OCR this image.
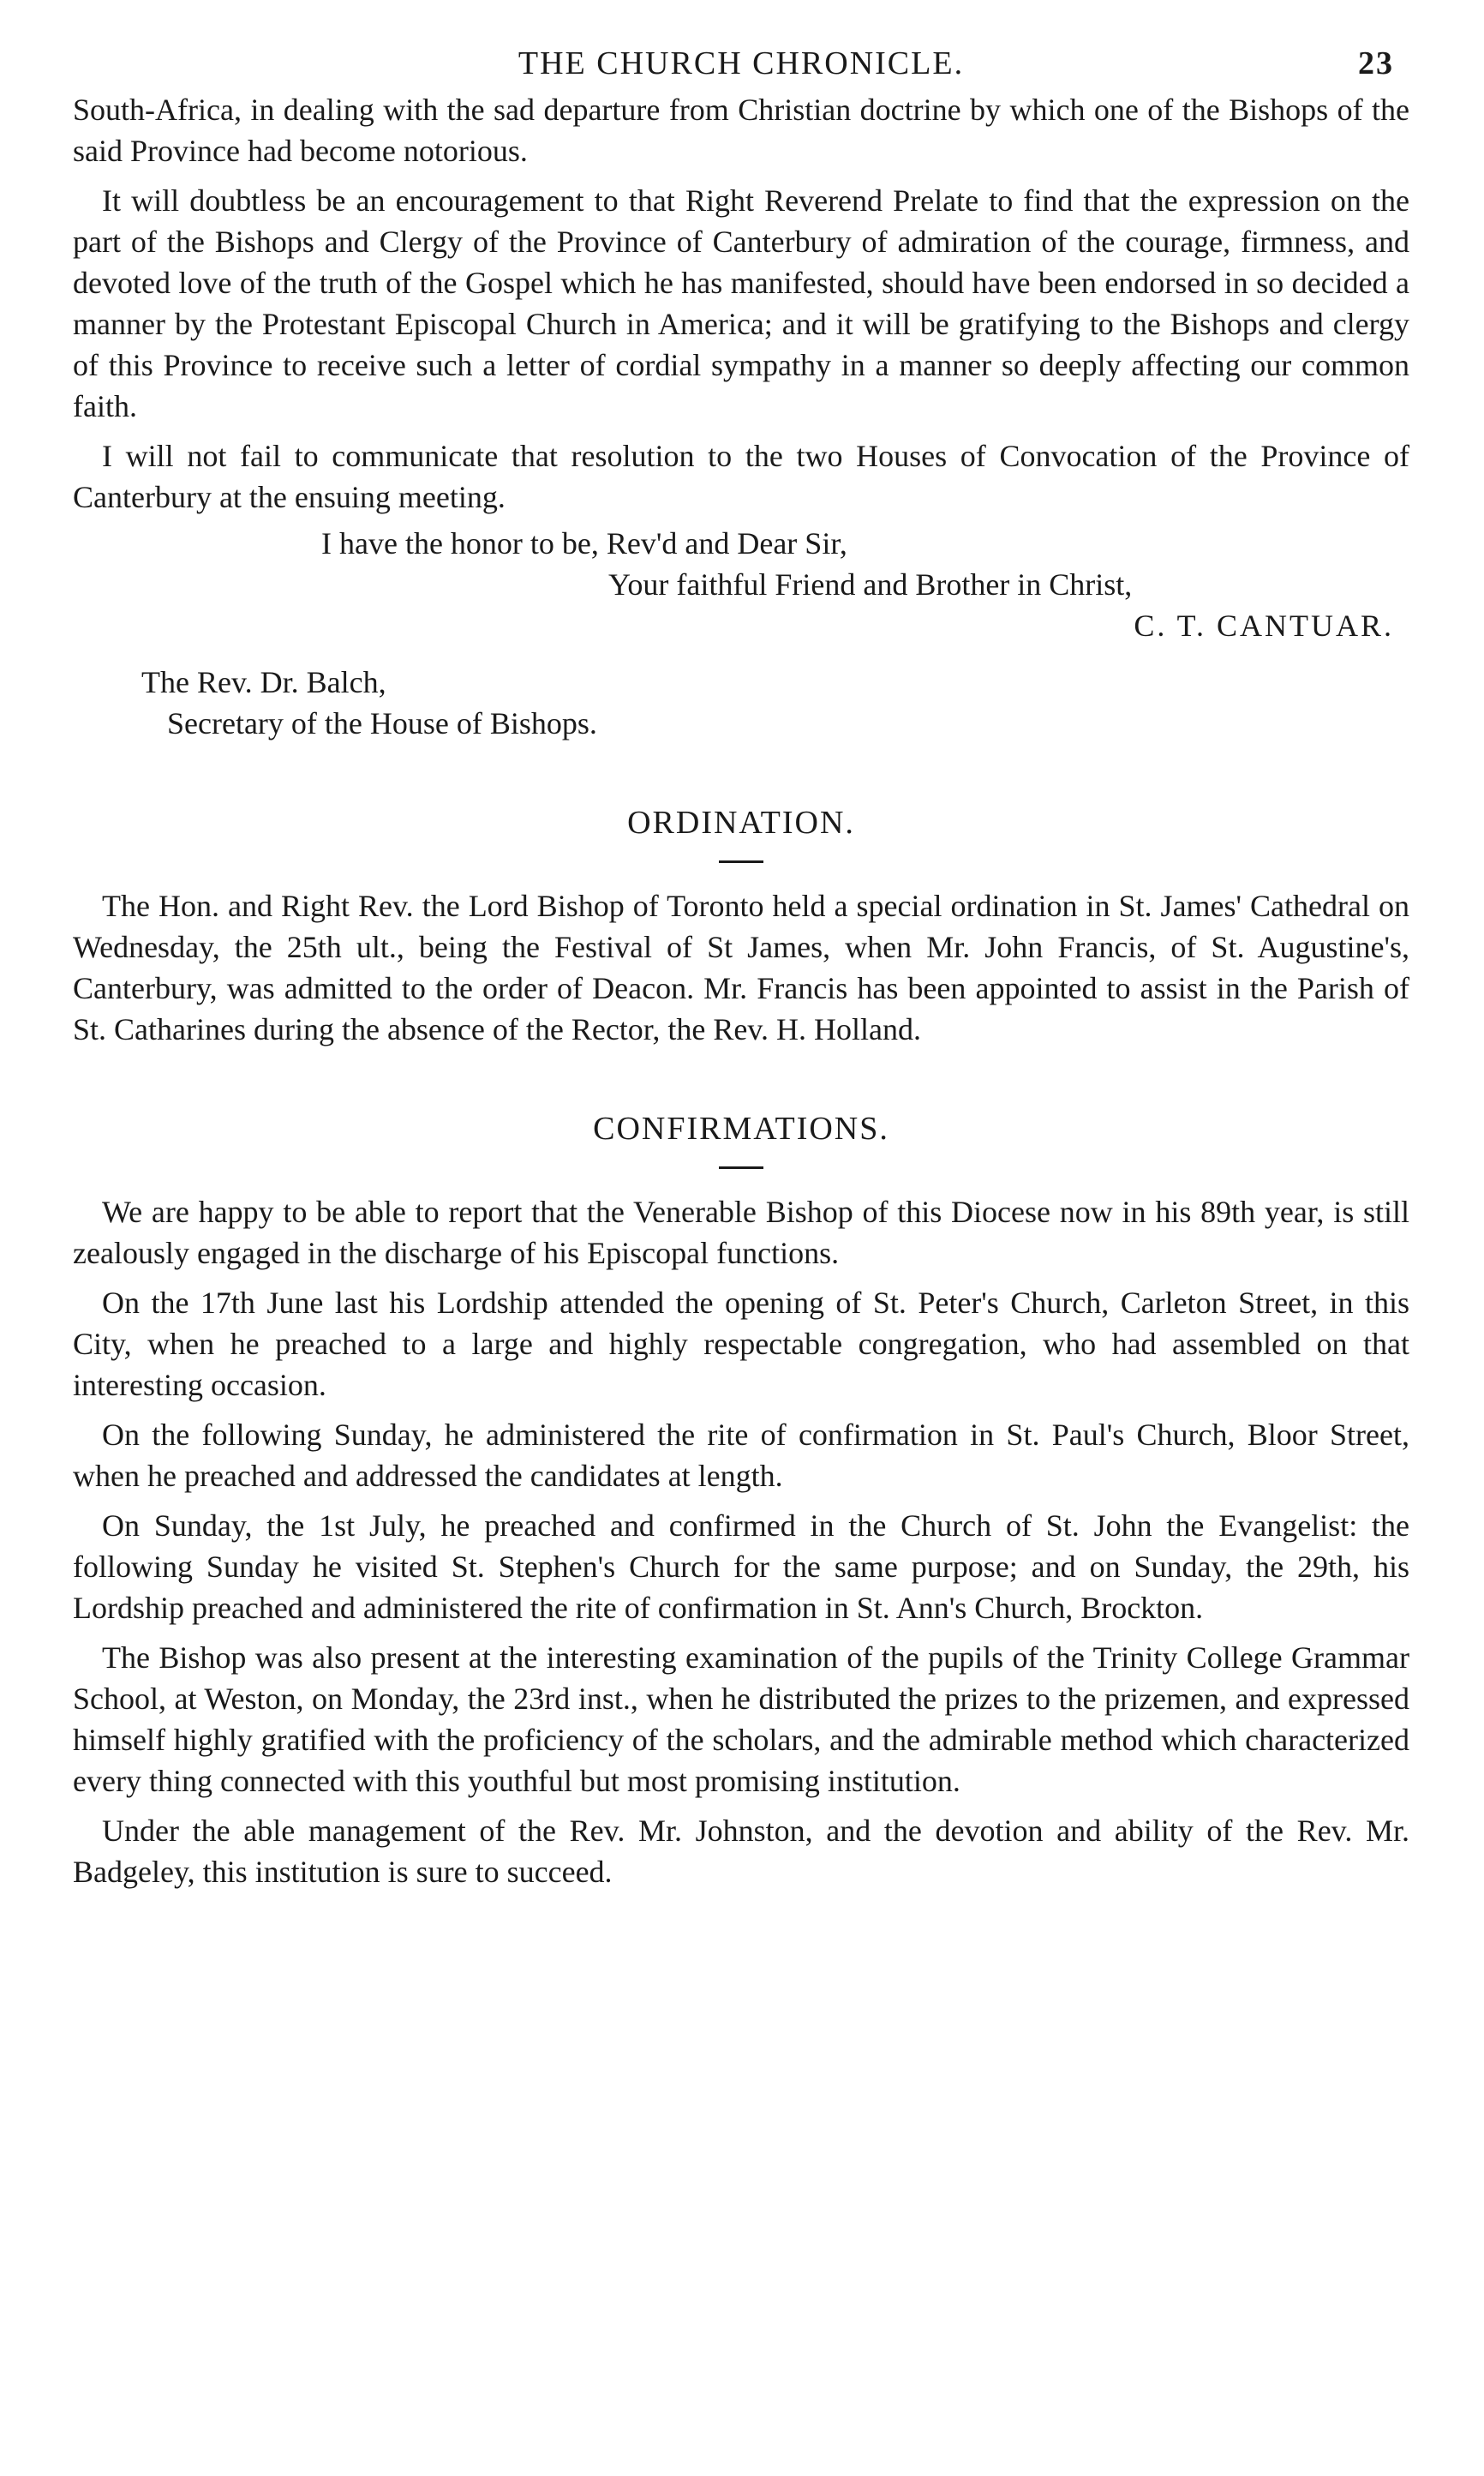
THE CHURCH CHRONICLE.	23

South-Africa, in dealing with the sad departure from Christian doctrine by which one of the Bishops of the said Province had become notorious.

It will doubtless be an encouragement to that Right Reverend Prelate to find that the expression on the part of the Bishops and Clergy of the Province of Canterbury of admiration of the courage, firmness, and devoted love of the truth of the Gospel which he has manifested, should have been endorsed in so decided a manner by the Protestant Episcopal Church in America; and it will be gratifying to the Bishops and clergy of this Province to receive such a letter of cordial sympathy in a manner so deeply affecting our common faith.

I will not fail to communicate that resolution to the two Houses of Convocation of the Province of Canterbury at the ensuing meeting.

I have the honor to be, Rev'd and Dear Sir,

Your faithful Friend and Brother in Christ,

C. T. CANTUAR.

The Rev. Dr. Balch,

Secretary of the House of Bishops.

ORDINATION.

The Hon. and Right Rev. the Lord Bishop of Toronto held a special ordination in St. James' Cathedral on Wednesday, the 25th ult., being the Festival of St James, when Mr. John Francis, of St. Augustine's, Canterbury, was admitted to the order of Deacon. Mr. Francis has been appointed to assist in the Parish of St. Catharines during the absence of the Rector, the Rev. H. Holland.

CONFIRMATIONS.

We are happy to be able to report that the Venerable Bishop of this Diocese now in his 89th year, is still zealously engaged in the discharge of his Episcopal functions.

On the 17th June last his Lordship attended the opening of St. Peter's Church, Carleton Street, in this City, when he preached to a large and highly respectable congregation, who had assembled on that interesting occasion.

On the following Sunday, he administered the rite of confirmation in St. Paul's Church, Bloor Street, when he preached and addressed the candidates at length.

On Sunday, the 1st July, he preached and confirmed in the Church of St. John the Evangelist: the following Sunday he visited St. Stephen's Church for the same purpose; and on Sunday, the 29th, his Lordship preached and administered the rite of confirmation in St. Ann's Church, Brockton.

The Bishop was also present at the interesting examination of the pupils of the Trinity College Grammar School, at Weston, on Monday, the 23rd inst., when he distributed the prizes to the prizemen, and expressed himself highly gratified with the proficiency of the scholars, and the admirable method which characterized every thing connected with this youthful but most promising institution.

Under the able management of the Rev. Mr. Johnston, and the devotion and ability of the Rev. Mr. Badgeley, this institution is sure to succeed.
